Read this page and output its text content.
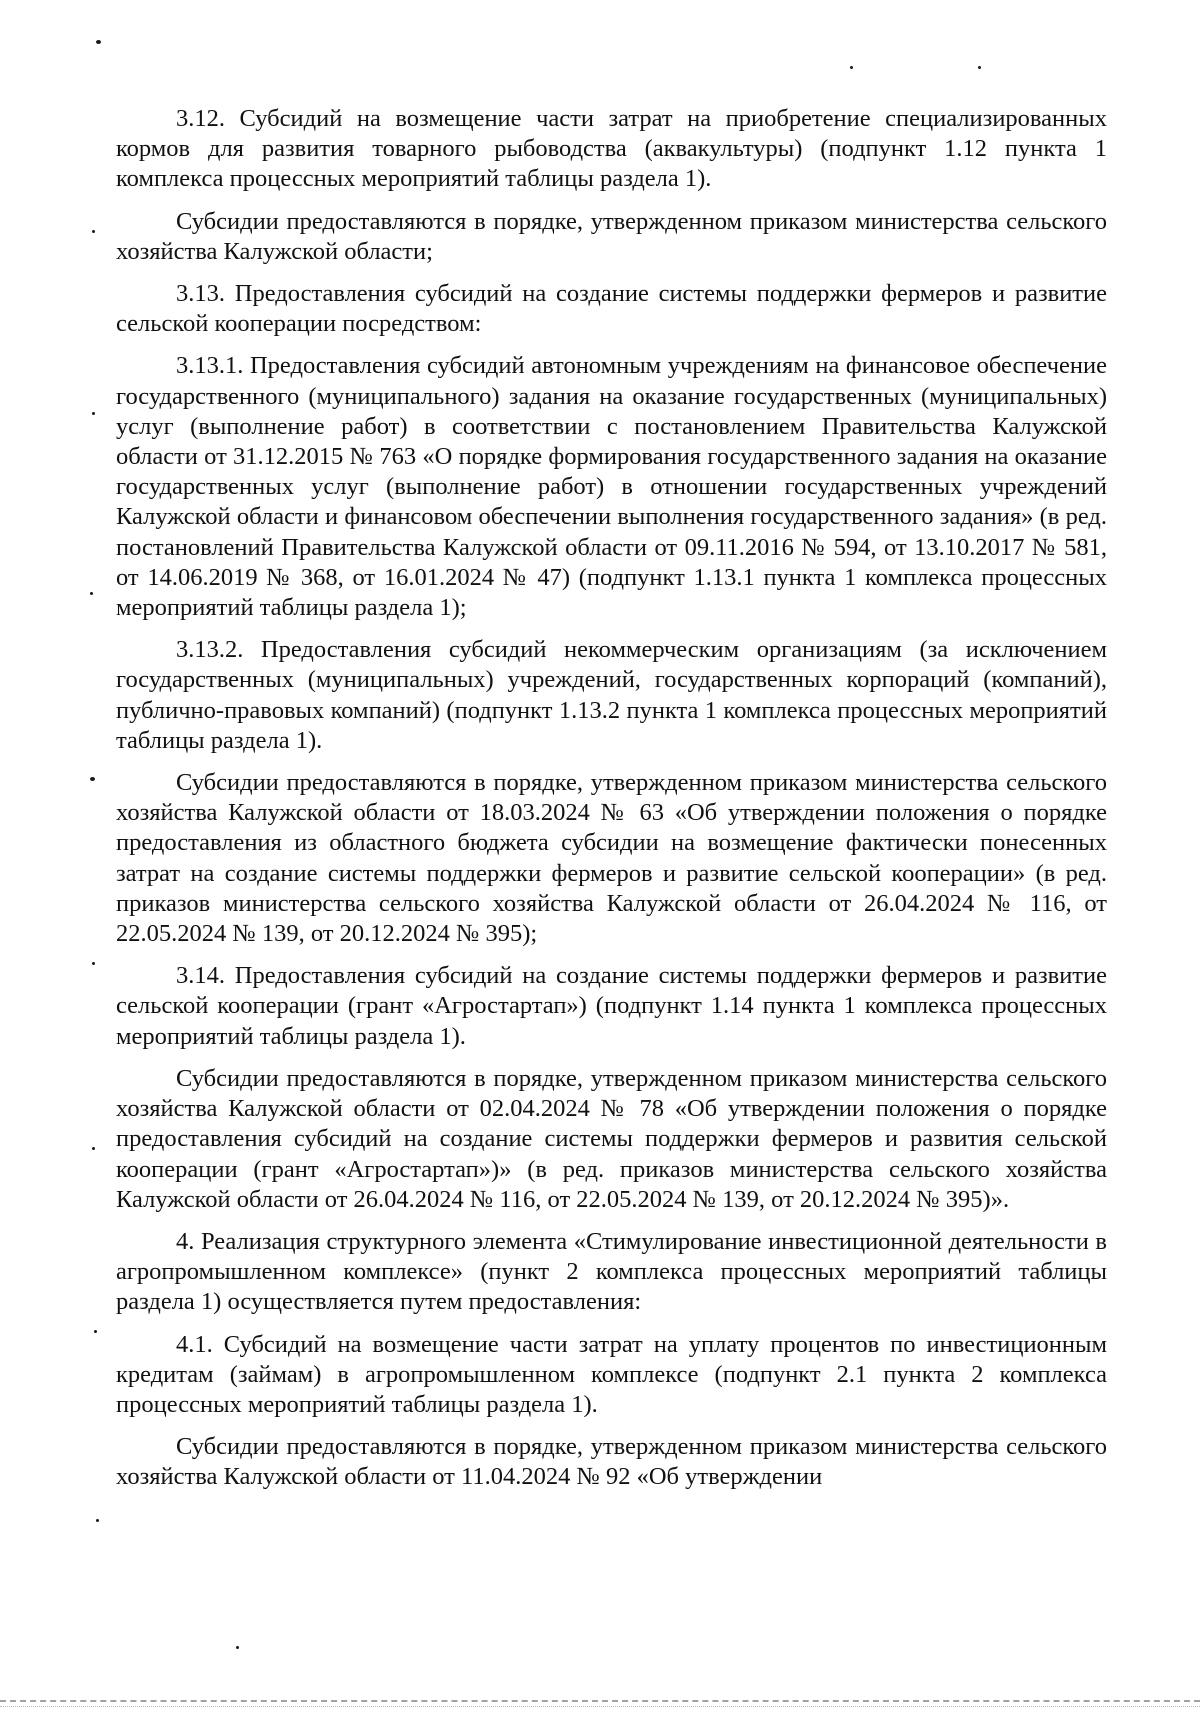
3.12. Субсидий на возмещение части затрат на приобретение специализированных кормов для развития товарного рыбоводства (аквакультуры) (подпункт 1.12 пункта 1 комплекса процессных мероприятий таблицы раздела 1).

Субсидии предоставляются в порядке, утвержденном приказом министерства сельского хозяйства Калужской области;

3.13. Предоставления субсидий на создание системы поддержки фермеров и развитие сельской кооперации посредством:

3.13.1. Предоставления субсидий автономным учреждениям на финансовое обеспечение государственного (муниципального) задания на оказание государственных (муниципальных) услуг (выполнение работ) в соответствии с постановлением Правительства Калужской области от 31.12.2015 № 763 «О порядке формирования государственного задания на оказание государственных услуг (выполнение работ) в отношении государственных учреждений Калужской области и финансовом обеспечении выполнения государственного задания» (в ред. постановлений Правительства Калужской области от 09.11.2016 № 594, от 13.10.2017 № 581, от 14.06.2019 № 368, от 16.01.2024 № 47) (подпункт 1.13.1 пункта 1 комплекса процессных мероприятий таблицы раздела 1);

3.13.2. Предоставления субсидий некоммерческим организациям (за исключением государственных (муниципальных) учреждений, государственных корпораций (компаний), публично-правовых компаний) (подпункт 1.13.2 пункта 1 комплекса процессных мероприятий таблицы раздела 1).

Субсидии предоставляются в порядке, утвержденном приказом министерства сельского хозяйства Калужской области от 18.03.2024 № 63 «Об утверждении положения о порядке предоставления из областного бюджета субсидии на возмещение фактически понесенных затрат на создание системы поддержки фермеров и развитие сельской кооперации» (в ред. приказов министерства сельского хозяйства Калужской области от 26.04.2024 № 116, от 22.05.2024 № 139, от 20.12.2024 № 395);

3.14. Предоставления субсидий на создание системы поддержки фермеров и развитие сельской кооперации (грант «Агростартап») (подпункт 1.14 пункта 1 комплекса процессных мероприятий таблицы раздела 1).

Субсидии предоставляются в порядке, утвержденном приказом министерства сельского хозяйства Калужской области от 02.04.2024 № 78 «Об утверждении положения о порядке предоставления субсидий на создание системы поддержки фермеров и развития сельской кооперации (грант «Агростартап»)» (в ред. приказов министерства сельского хозяйства Калужской области от 26.04.2024 № 116, от 22.05.2024 № 139, от 20.12.2024 № 395)».

4. Реализация структурного элемента «Стимулирование инвестиционной деятельности в агропромышленном комплексе» (пункт 2 комплекса процессных мероприятий таблицы раздела 1) осуществляется путем предоставления:

4.1. Субсидий на возмещение части затрат на уплату процентов по инвестиционным кредитам (займам) в агропромышленном комплексе (подпункт 2.1 пункта 2 комплекса процессных мероприятий таблицы раздела 1).

Субсидии предоставляются в порядке, утвержденном приказом министерства сельского хозяйства Калужской области от 11.04.2024 № 92 «Об утверждении
